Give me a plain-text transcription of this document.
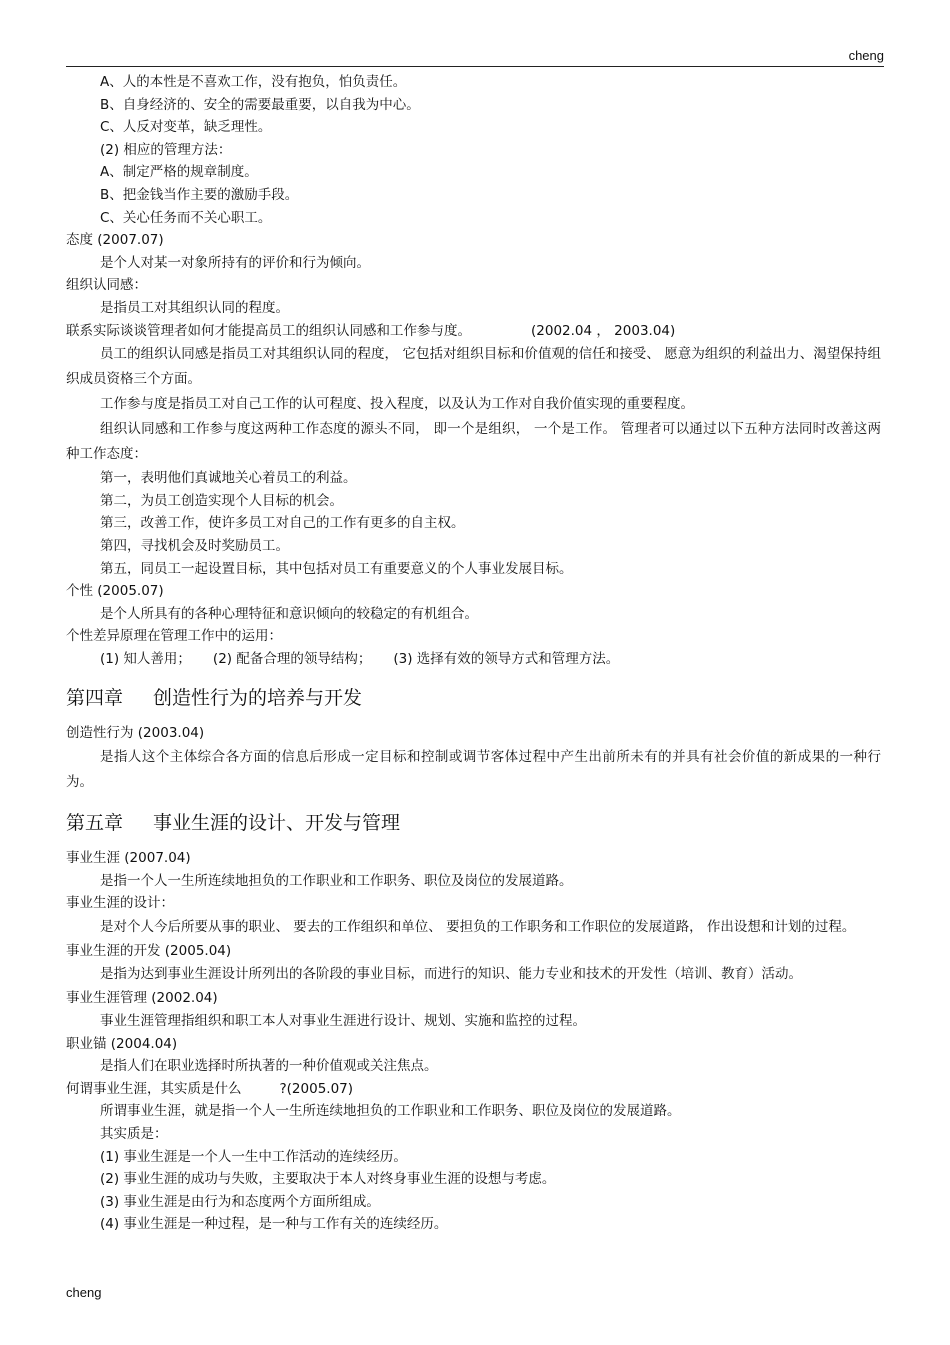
cheng
A、人的本性是不喜欢工作，没有抱负，怕负责任。
B、自身经济的、安全的需要最重要，以自我为中心。
C、人反对变革，缺乏理性。
(2) 相应的管理方法：
A、制定严格的规章制度。
B、把金钱当作主要的激励手段。
C、关心任务而不关心职工。
态度 (2007.07)
是个人对某一对象所持有的评价和行为倾向。
组织认同感：
是指员工对其组织认同的程度。
联系实际谈谈管理者如何才能提高员工的组织认同感和工作参与度。	(2002.04 ， 2003.04)
员工的组织认同感是指员工对其组织认同的程度， 它包括对组织目标和价值观的信任和接受、 愿意为组织的利益出力、渴望保持组织成员资格三个方面。
工作参与度是指员工对自己工作的认可程度、投入程度，以及认为工作对自我价值实现的重要程度。
组织认同感和工作参与度这两种工作态度的源头不同， 即一个是组织， 一个是工作。 管理者可以通过以下五种方法同时改善这两种工作态度：
第一，表明他们真诚地关心着员工的利益。
第二，为员工创造实现个人目标的机会。
第三，改善工作，使许多员工对自己的工作有更多的自主权。
第四，寻找机会及时奖励员工。
第五，同员工一起设置目标，其中包括对员工有重要意义的个人事业发展目标。
个性 (2005.07)
是个人所具有的各种心理特征和意识倾向的较稳定的有机组合。
个性差异原理在管理工作中的运用：
(1) 知人善用； (2) 配备合理的领导结构； (3) 选择有效的领导方式和管理方法。
第四章 创造性行为的培养与开发
创造性行为 (2003.04)
是指人这个主体综合各方面的信息后形成一定目标和控制或调节客体过程中产生出前所未有的并具有社会价值的新成果的一种行为。
第五章 事业生涯的设计、开发与管理
事业生涯 (2007.04)
是指一个人一生所连续地担负的工作职业和工作职务、职位及岗位的发展道路。
事业生涯的设计：
是对个人今后所要从事的职业、 要去的工作组织和单位、 要担负的工作职务和工作职位的发展道路， 作出设想和计划的过程。
事业生涯的开发 (2005.04)
是指为达到事业生涯设计所列出的各阶段的事业目标，而进行的知识、能力专业和技术的开发性（培训、教育）活动。
事业生涯管理 (2002.04)
事业生涯管理指组织和职工本人对事业生涯进行设计、规划、实施和监控的过程。
职业锚 (2004.04)
是指人们在职业选择时所执著的一种价值观或关注焦点。
何谓事业生涯，其实质是什么	?(2005.07)
所谓事业生涯，就是指一个人一生所连续地担负的工作职业和工作职务、职位及岗位的发展道路。
其实质是：
(1) 事业生涯是一个人一生中工作活动的连续经历。
(2) 事业生涯的成功与失败，主要取决于本人对终身事业生涯的设想与考虑。
(3) 事业生涯是由行为和态度两个方面所组成。
(4) 事业生涯是一种过程，是一种与工作有关的连续经历。
cheng
